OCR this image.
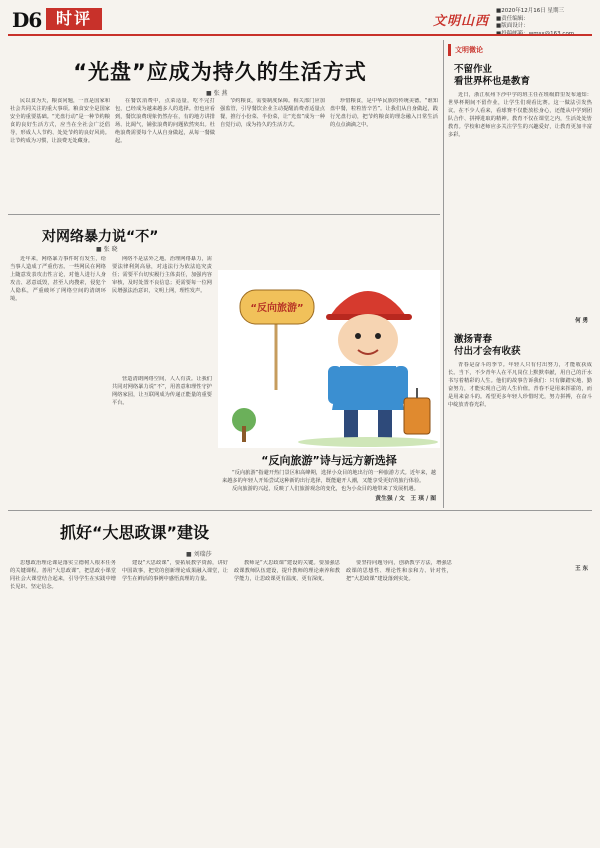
D6 时评	文明山西
■2020年12月16日 星期三
■责任编辑：
■版面设计：
“光盘”应成为持久的生活方式
■ 张 燕

民以食为天，粮食问题，一直是国家和社会共同关注的重大事项。粮食安全是国家安全的重要基础。“光盘行动”是一种节约粮食的良好生活方式，应当在全社会广泛倡导，形成人人节约、处处节约的良好风尚。让节约成为习惯，让浪费无处藏身。

在餐饮消费中，点菜适量，吃不完打包，已经成为越来越多人的选择。但也应看到，餐饮浪费现象仍然存在，有的地方讲排场、比阔气，铺张浪费的问题依然突出。杜绝浪费需要每个人从自身做起，从每一餐做起。

节约粮食，需要制度保障。相关部门应加强监管，引导餐饮企业主动提醒消费者适量点餐，推行小份菜、半份菜，让“光盘”成为一种自觉行动，成为持久的生活方式。

珍惜粮食，是中华民族的传统美德。“谁知盘中餐，粒粒皆辛苦”。让我们从自身做起，践行光盘行动，把节约粮食的理念融入日常生活的点点滴滴之中。

对网络暴力说“不”
■ 张 晓

近年来，网络暴力事件时有发生，给当事人造成了严重伤害。一些网民在网络上随意发表攻击性言论，对他人进行人身攻击、恶意诋毁，甚至人肉搜索，侵犯个人隐私，严重破坏了网络空间的清朗环境。

网络不是法外之地。治理网络暴力，需要法律利剑高悬，对违法行为依法追究责任；需要平台切实履行主体责任，加强内容审核，及时处置不良信息；更需要每一位网民增强法治意识，文明上网，理性发声。

营造清朗网络空间，人人有责。让我们共同对网络暴力说“不”，用善意和理性守护网络家园，让互联网成为传递正能量的重要平台。

“反向旅游”
“反向旅游”诗与远方新选择

“反向旅游”指避开热门景区和高峰期，选择小众目的地出行的一种旅游方式。近年来，越来越多的年轻人开始尝试这种新的出行选择，既能避开人潮，又能享受更好的旅行体验。

反向旅游的兴起，反映了人们旅游观念的变化，也为小众目的地带来了发展机遇。

黄生强 / 文　王 琪 / 图
抓好“大思政课”建设
■ 刘瑞莎

思想政治理论课是落实立德树人根本任务的关键课程。善用“大思政课”，把思政小课堂同社会大课堂结合起来，引导学生在实践中增长见识、坚定信念。

建设“大思政课”，要拓展教学资源，讲好中国故事，把党的创新理论成果融入课堂，让学生在鲜活的事例中感悟真理的力量。

教师是“大思政课”建设的关键。要加强思政课教师队伍建设，提升教师的理论素养和教学能力，让思政课更有温度、更有深度。

要坚持问题导向，创新教学方法，增强思政课的思想性、理论性和亲和力、针对性，把“大思政课”建设落到实处。

文明微论
不留作业
看世界杯也是教育

近日，浙江杭州下沙中学的班主任在班级群里发布通知：世界杯期间不留作业，让学生们观看比赛。这一做法引发热议。在不少人看来，看球赛不仅能放松身心，还能从中学到团队合作、拼搏进取的精神。教育不仅在课堂之内，生活处处皆教育。学校和老师应多关注学生的兴趣爱好，让教育更加丰富多彩。

何 勇
激扬青春
付出才会有收获

青春是奋斗的季节。年轻人只有付出努力，才能收获成长。当下，不少青年人在平凡岗位上默默奉献，用自己的汗水书写着精彩的人生。他们的故事告诉我们：只有脚踏实地、勤奋努力，才能实现自己的人生价值。青春不是用来挥霍的，而是用来奋斗的。希望更多年轻人珍惜时光，努力拼搏，在奋斗中绽放青春光彩。

王 东
